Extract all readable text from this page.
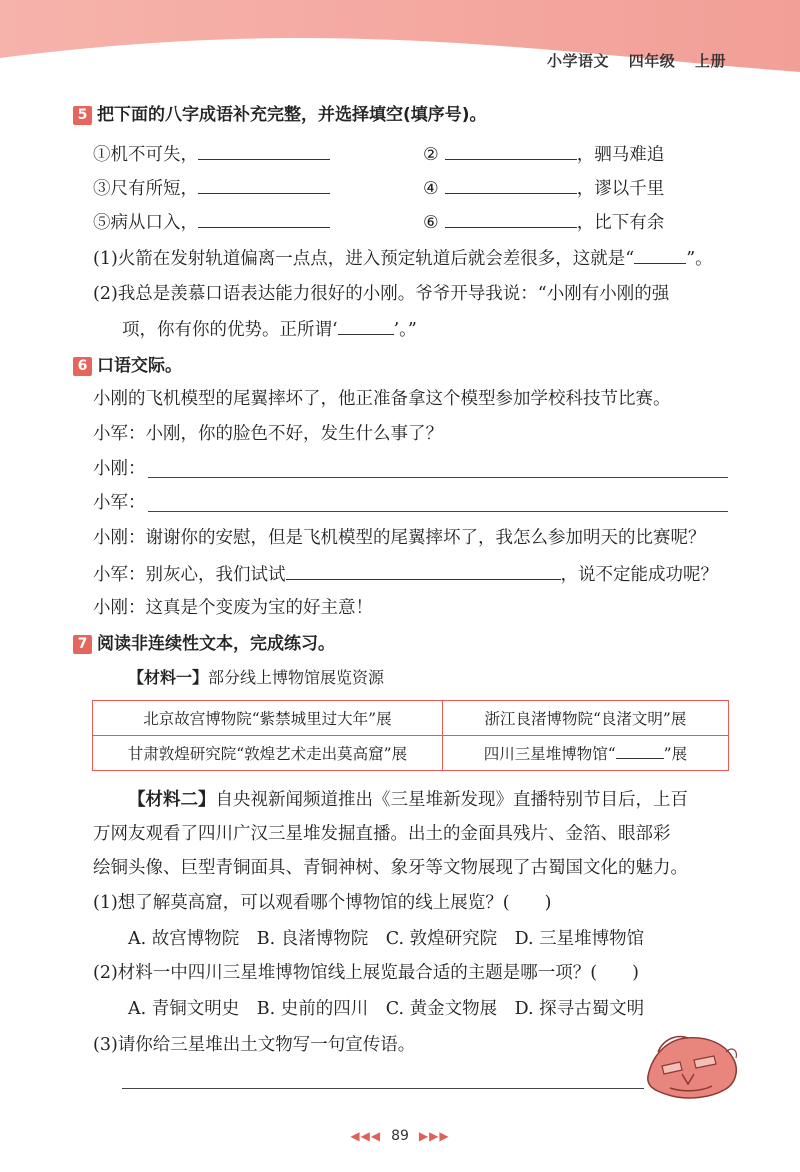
小学语文 四年级 上册
5 把下面的八字成语补充完整，并选择填空(填序号)。
①机不可失，	②	，驷马难追
③尺有所短，	④	，谬以千里
⑤病从口入，	⑥	，比下有余
(1)火箭在发射轨道偏离一点点，进入预定轨道后就会差很多，这就是“	”。
(2)我总是羡慕口语表达能力很好的小刚。爷爷开导我说：“小刚有小刚的强
项，你有你的优势。正所谓‘	’。”
6 口语交际。
小刚的飞机模型的尾翼摔坏了，他正准备拿这个模型参加学校科技节比赛。
小军：小刚，你的脸色不好，发生什么事了？
小刚：
小军：
小刚：谢谢你的安慰，但是飞机模型的尾翼摔坏了，我怎么参加明天的比赛呢？
小军：别灰心，我们试试	，说不定能成功呢？
小刚：这真是个变废为宝的好主意！
7 阅读非连续性文本，完成练习。
【材料一】部分线上博物馆展览资源
北京故宫博物院“紫禁城里过大年”展	浙江良渚博物院“良渚文明”展
甘肃敦煌研究院“敦煌艺术走出莫高窟”展	四川三星堆博物馆“ ”展
【材料二】自央视新闻频道推出《三星堆新发现》直播特别节目后，上百
万网友观看了四川广汉三星堆发掘直播。出土的金面具残片、金箔、眼部彩
绘铜头像、巨型青铜面具、青铜神树、象牙等文物展现了古蜀国文化的魅力。
(1)想了解莫高窟，可以观看哪个博物馆的线上展览？(　　)
A. 故宫博物院　B. 良渚博物院　C. 敦煌研究院　D. 三星堆博物馆
(2)材料一中四川三星堆博物馆线上展览最合适的主题是哪一项？(　　)
A. 青铜文明史　B. 史前的四川　C. 黄金文物展　D. 探寻古蜀文明
(3)请你给三星堆出土文物写一句宣传语。
◀◀◀ 89 ▶▶▶
